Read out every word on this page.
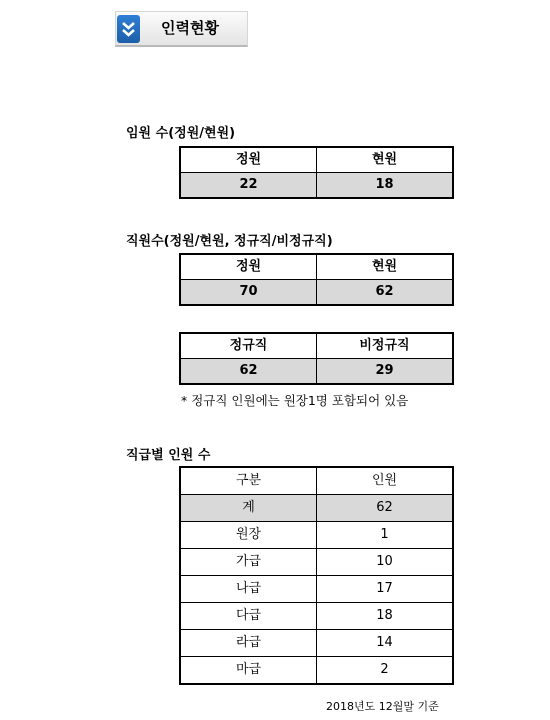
인력현황
임원 수(정원/현원)
정원	현원
22	18
직원수(정원/현원, 정규직/비정규직)
정원	현원
70	62
정규직	비정규직
62	29
* 정규직 인원에는 원장1명 포함되어 있음
직급별 인원 수
구분	인원
계	62
원장	1
가급	10
나급	17
다급	18
라급	14
마급	2
2018년도 12월말 기준
